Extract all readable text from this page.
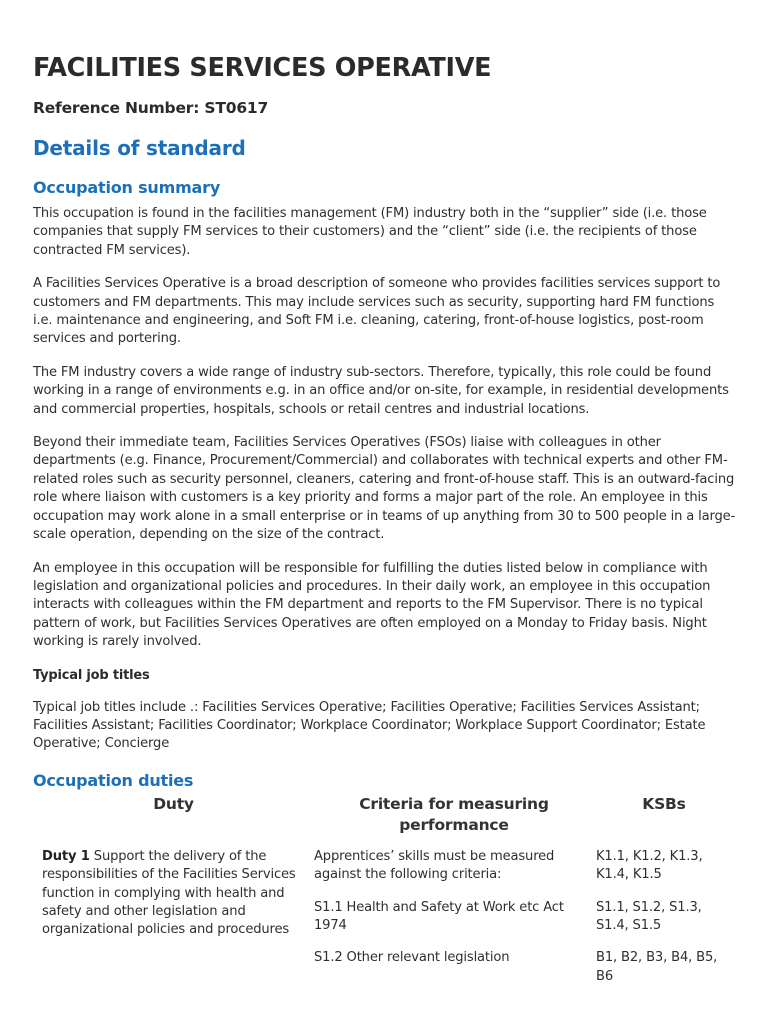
FACILITIES SERVICES OPERATIVE
Reference Number: ST0617
Details of standard
Occupation summary

This occupation is found in the facilities management (FM) industry both in the “supplier” side (i.e. those companies that supply FM services to their customers) and the “client” side (i.e. the recipients of those contracted FM services).

A Facilities Services Operative is a broad description of someone who provides facilities services support to customers and FM departments. This may include services such as security, supporting hard FM functions i.e. maintenance and engineering, and Soft FM i.e. cleaning, catering, front-of-house logistics, post-room services and portering.

The FM industry covers a wide range of industry sub-sectors. Therefore, typically, this role could be found working in a range of environments e.g. in an office and/or on-site, for example, in residential developments and commercial properties, hospitals, schools or retail centres and industrial locations.

Beyond their immediate team, Facilities Services Operatives (FSOs) liaise with colleagues in other departments (e.g. Finance, Procurement/Commercial) and collaborates with technical experts and other FM-related roles such as security personnel, cleaners, catering and front-of-house staff. This is an outward-facing role where liaison with customers is a key priority and forms a major part of the role. An employee in this occupation may work alone in a small enterprise or in teams of up anything from 30 to 500 people in a large-scale operation, depending on the size of the contract.

An employee in this occupation will be responsible for fulfilling the duties listed below in compliance with legislation and organizational policies and procedures. In their daily work, an employee in this occupation interacts with colleagues within the FM department and reports to the FM Supervisor. There is no typical pattern of work, but Facilities Services Operatives are often employed on a Monday to Friday basis. Night working is rarely involved.

Typical job titles

Typical job titles include .: Facilities Services Operative; Facilities Operative; Facilities Services Assistant; Facilities Assistant; Facilities Coordinator; Workplace Coordinator; Workplace Support Coordinator; Estate Operative; Concierge

Occupation duties
Duty	Criteria for measuring performance
KSBs
Duty 1 Support the delivery of the responsibilities of the Facilities Services function in complying with health and safety and other legislation and organizational policies and procedures
Apprentices’ skills must be measured against the following criteria:
K1.1, K1.2, K1.3, K1.4, K1.5
S1.1 Health and Safety at Work etc Act 1974
S1.1, S1.2, S1.3, S1.4, S1.5
S1.2 Other relevant legislation	B1, B2, B3, B4, B5, B6
